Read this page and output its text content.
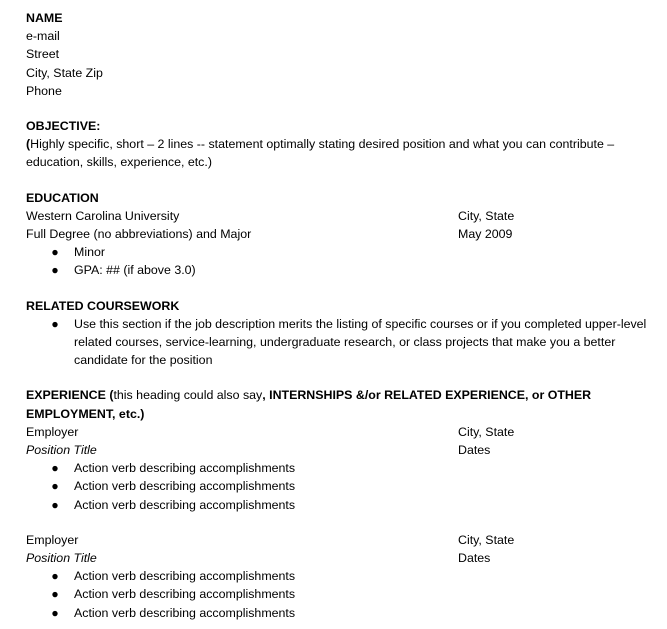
NAME
e-mail
Street
City, State Zip
Phone
OBJECTIVE:
(Highly specific, short – 2 lines -- statement optimally stating desired position and what you can contribute – education, skills, experience, etc.)
EDUCATION
Western Carolina University	City, State
Full Degree (no abbreviations) and Major	May 2009
● Minor
● GPA: ## (if above 3.0)
RELATED COURSEWORK
● Use this section if the job description merits the listing of specific courses or if you completed upper-level related courses, service-learning, undergraduate research, or class projects that make you a better candidate for the position
EXPERIENCE (this heading could also say, INTERNSHIPS &/or RELATED EXPERIENCE, or OTHER EMPLOYMENT, etc.)
Employer	City, State
Position Title	Dates
● Action verb describing accomplishments
● Action verb describing accomplishments
● Action verb describing accomplishments
Employer	City, State
Position Title	Dates
● Action verb describing accomplishments
● Action verb describing accomplishments
● Action verb describing accomplishments
